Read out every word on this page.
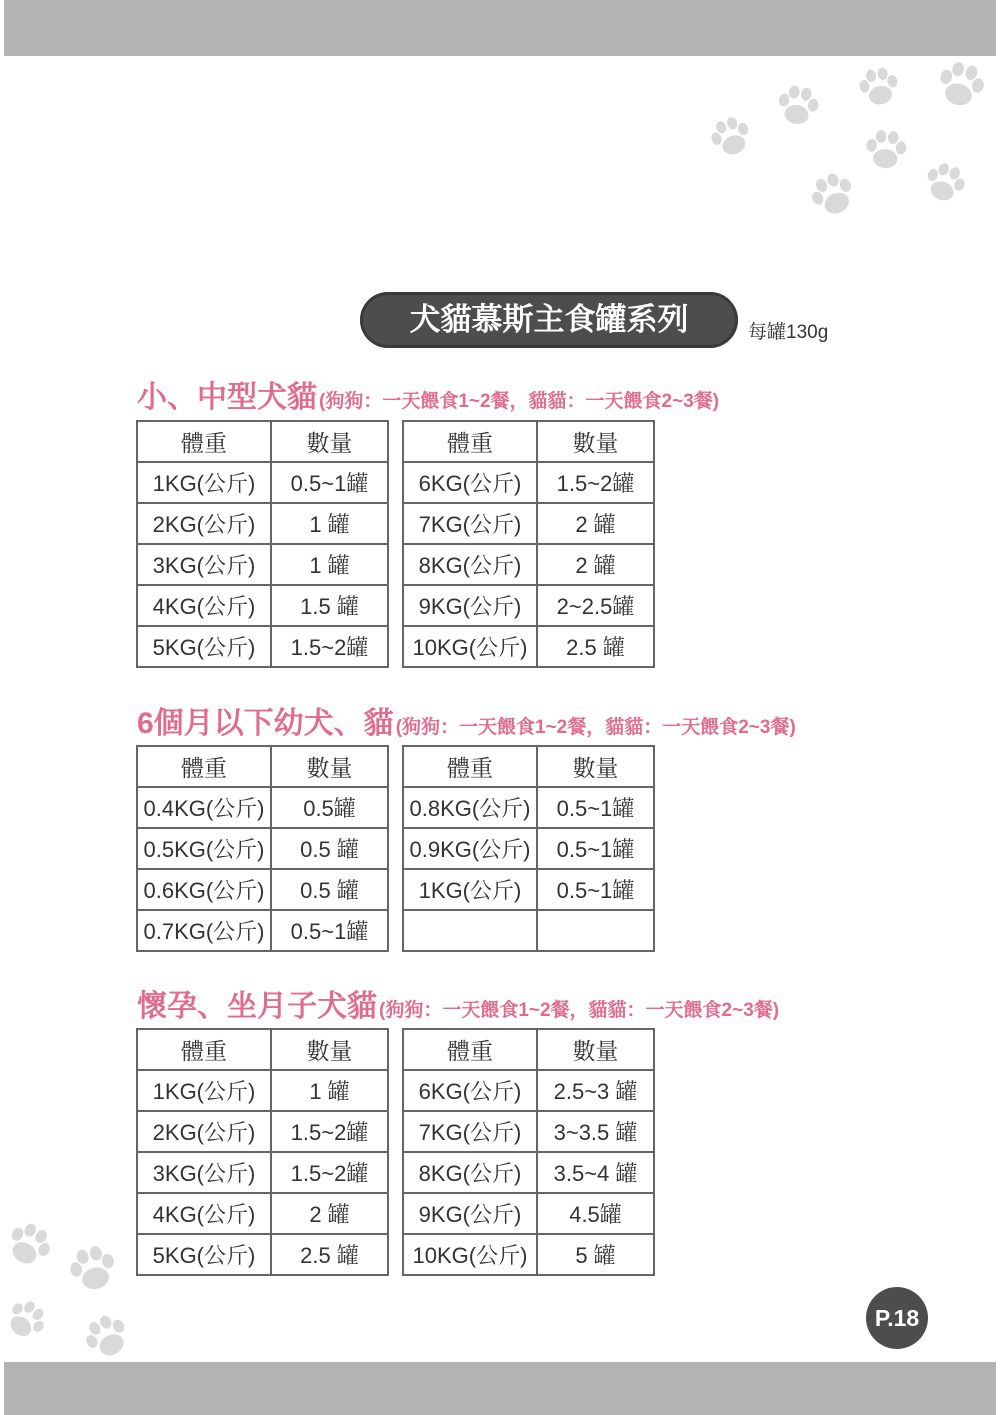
犬貓慕斯主食罐系列	每罐130g
小、中型犬貓 (狗狗：一天餵食1~2餐，貓貓：一天餵食2~3餐)
體重	數量
1KG(公斤)	0.5~1罐
2KG(公斤)	1 罐
3KG(公斤)	1 罐
4KG(公斤)	1.5 罐
5KG(公斤)	1.5~2罐
體重	數量
6KG(公斤)	1.5~2罐
7KG(公斤)	2 罐
8KG(公斤)	2 罐
9KG(公斤)	2~2.5罐
10KG(公斤)	2.5 罐
6個月以下幼犬、貓 (狗狗：一天餵食1~2餐，貓貓：一天餵食2~3餐)
體重	數量
0.4KG(公斤)	0.5罐
0.5KG(公斤)	0.5 罐
0.6KG(公斤)	0.5 罐
0.7KG(公斤)	0.5~1罐
體重	數量
0.8KG(公斤)	0.5~1罐
0.9KG(公斤)	0.5~1罐
1KG(公斤)	0.5~1罐

懷孕、坐月子犬貓 (狗狗：一天餵食1~2餐，貓貓：一天餵食2~3餐)
體重	數量
1KG(公斤)	1 罐
2KG(公斤)	1.5~2罐
3KG(公斤)	1.5~2罐
4KG(公斤)	2 罐
5KG(公斤)	2.5 罐
體重	數量
6KG(公斤)	2.5~3 罐
7KG(公斤)	3~3.5 罐
8KG(公斤)	3.5~4 罐
9KG(公斤)	4.5罐
10KG(公斤)	5 罐
P.18
